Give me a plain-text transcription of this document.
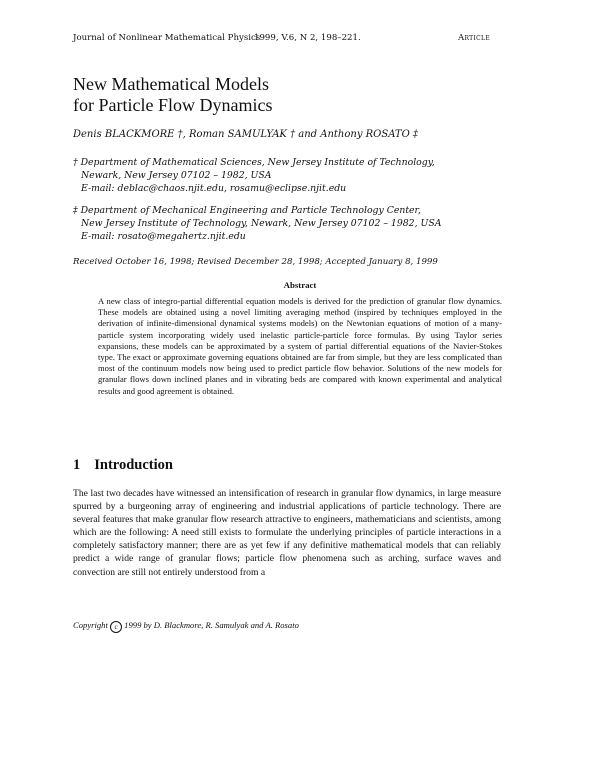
Journal of Nonlinear Mathematical Physics
1999, V.6, N 2, 198–221.	Article
New Mathematical Models
for Particle Flow Dynamics
Denis BLACKMORE †, Roman SAMULYAK † and Anthony ROSATO ‡
† Department of Mathematical Sciences, New Jersey Institute of Technology,
Newark, New Jersey 07102 – 1982, USA
E-mail: deblac@chaos.njit.edu, rosamu@eclipse.njit.edu
‡ Department of Mechanical Engineering and Particle Technology Center,
New Jersey Institute of Technology, Newark, New Jersey 07102 – 1982, USA
E-mail: rosato@megahertz.njit.edu
Received October 16, 1998; Revised December 28, 1998; Accepted January 8, 1999
Abstract
A new class of integro-partial differential equation models is derived for the prediction of granular flow dynamics. These models are obtained using a novel limiting averaging method (inspired by techniques employed in the derivation of infinite-dimensional dynamical systems models) on the Newtonian equations of motion of a many-particle system incorporating widely used inelastic particle-particle force formulas. By using Taylor series expansions, these models can be approximated by a system of partial differential equations of the Navier-Stokes type. The exact or approximate governing equations obtained are far from simple, but they are less complicated than most of the continuum models now being used to predict particle flow behavior. Solutions of the new models for granular flows down inclined planes and in vibrating beds are compared with known experimental and analytical results and good agreement is obtained.
1 Introduction
The last two decades have witnessed an intensification of research in granular flow dynamics, in large measure spurred by a burgeoning array of engineering and industrial applications of particle technology. There are several features that make granular flow research attractive to engineers, mathematicians and scientists, among which are the following: A need still exists to formulate the underlying principles of particle interactions in a completely satisfactory manner; there are as yet few if any definitive mathematical models that can reliably predict a wide range of granular flows; particle flow phenomena such as arching, surface waves and convection are still not entirely understood from a
Copyright c 1999 by D. Blackmore, R. Samulyak and A. Rosato
